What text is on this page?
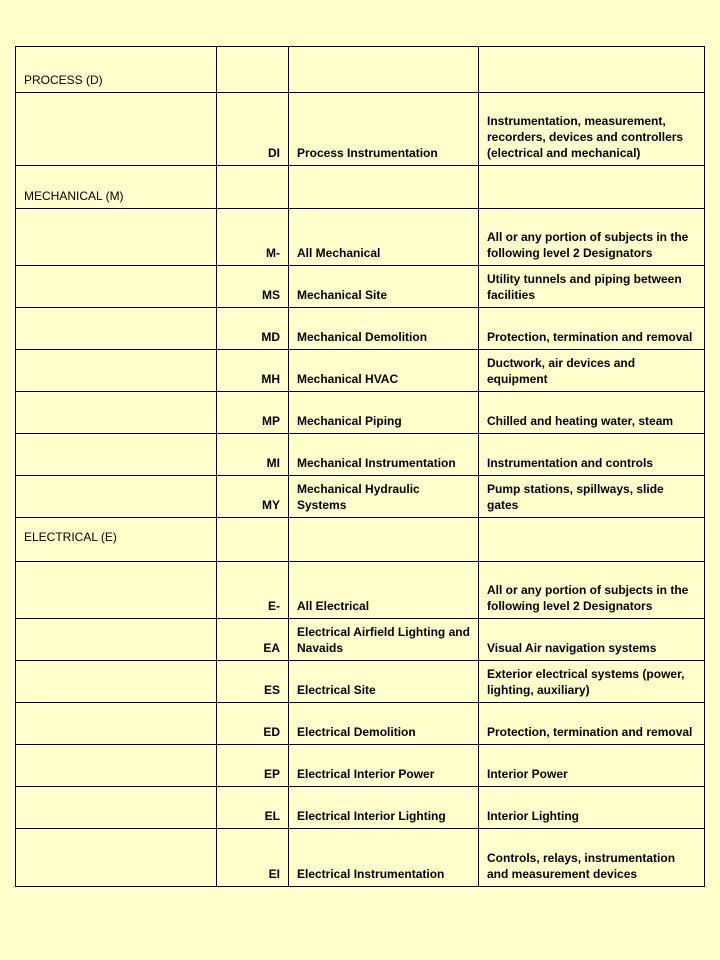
PROCESS (D)			
	DI	Process Instrumentation	Instrumentation, measurement, recorders, devices and controllers (electrical and mechanical)
MECHANICAL (M)			
	M-	All Mechanical	All or any portion of subjects in the following level 2 Designators
	MS	Mechanical Site	Utility tunnels and piping between facilities
	MD	Mechanical Demolition	Protection, termination and removal
	MH	Mechanical HVAC	Ductwork, air devices and equipment
	MP	Mechanical Piping	Chilled and heating water, steam
	MI	Mechanical Instrumentation	Instrumentation and controls
	MY	Mechanical Hydraulic Systems	Pump stations, spillways, slide gates
ELECTRICAL (E)			
	E-	All Electrical	All or any portion of subjects in the following level 2 Designators
	EA	Electrical Airfield Lighting and Navaids	Visual Air navigation systems
	ES	Electrical Site	Exterior electrical systems (power, lighting, auxiliary)
	ED	Electrical Demolition	Protection, termination and removal
	EP	Electrical Interior Power	Interior Power
	EL	Electrical Interior Lighting	Interior Lighting
	EI	Electrical Instrumentation	Controls, relays, instrumentation and measurement devices
